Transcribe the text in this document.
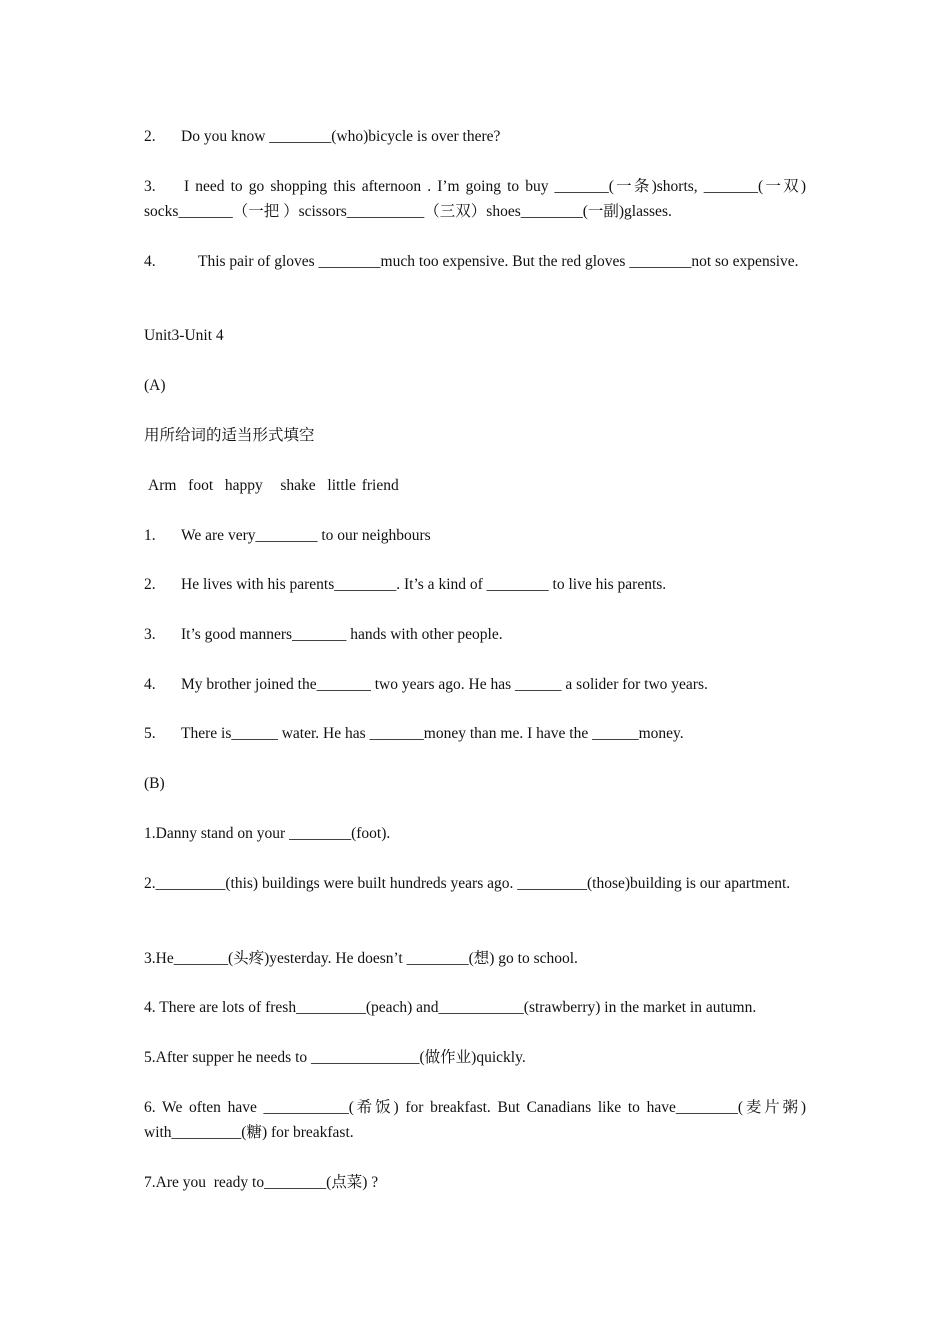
2. Do you know ________(who)bicycle is over there?

3. I need to go shopping this afternoon . I’m going to buy _______(一条)shorts, _______(一双) socks_______（一把 ）scissors__________（三双）shoes________(一副)glasses.

4.	This pair of gloves ________much too expensive. But the red gloves ________not so expensive.

Unit3-Unit 4

(A)

用所给词的适当形式填空

Arm  foot  happy   shake  little friend

1. We are very________ to our neighbours

2. He lives with his parents________. It’s a kind of ________ to live his parents.

3. It’s good manners_______ hands with other people.

4. My brother joined the_______ two years ago. He has ______ a solider for two years.

5. There is______ water. He has _______money than me. I have the ______money.

(B)

1.Danny stand on your ________(foot).

2._________(this) buildings were built hundreds years ago. _________(those)building is our apartment.

3.He_______(头疼)yesterday. He doesn’t ________(想) go to school.

4. There are lots of fresh_________(peach) and___________(strawberry) in the market in autumn.

5.After supper he needs to ______________(做作业)quickly.

6. We often have ___________(希饭) for breakfast. But Canadians like to have________(麦片粥) with_________(糖) for breakfast.

7.Are you  ready to________(点菜) ?
